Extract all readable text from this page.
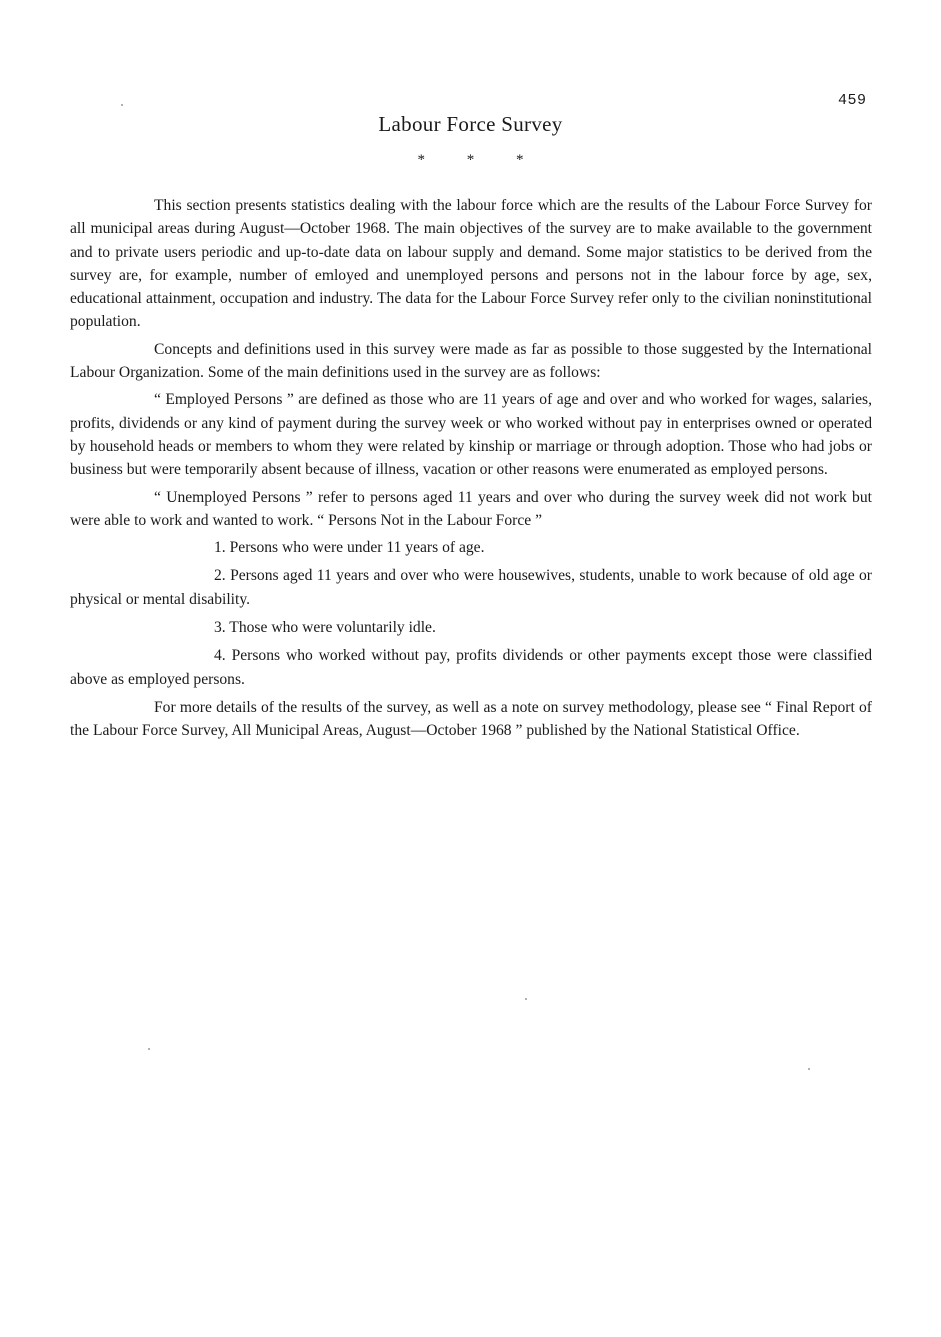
459
Labour Force Survey
* * *

This section presents statistics dealing with the labour force which are the results of the Labour Force Survey for all municipal areas during August—October 1968. The main objectives of the survey are to make available to the government and to private users periodic and up-to-date data on labour supply and demand. Some major statistics to be derived from the survey are, for example, number of emloyed and unemployed persons and persons not in the labour force by age, sex, educational attainment, occupation and industry. The data for the Labour Force Survey refer only to the civilian noninstitutional population.

Concepts and definitions used in this survey were made as far as possible to those suggested by the International Labour Organization. Some of the main definitions used in the survey are as follows:

“ Employed Persons ” are defined as those who are 11 years of age and over and who worked for wages, salaries, profits, dividends or any kind of payment during the survey week or who worked without pay in enterprises owned or operated by household heads or members to whom they were related by kinship or marriage or through adoption. Those who had jobs or business but were temporarily absent because of illness, vacation or other reasons were enumerated as employed persons.

“ Unemployed Persons ” refer to persons aged 11 years and over who during the survey week did not work but were able to work and wanted to work. “ Persons Not in the Labour Force ”

1. Persons who were under 11 years of age.

2. Persons aged 11 years and over who were housewives, students, unable to work because of old age or physical or mental disability.

3. Those who were voluntarily idle.

4. Persons who worked without pay, profits dividends or other payments except those were classified above as employed persons.

For more details of the results of the survey, as well as a note on survey methodology, please see “ Final Report of the Labour Force Survey, All Municipal Areas, August—October 1968 ” published by the National Statistical Office.
